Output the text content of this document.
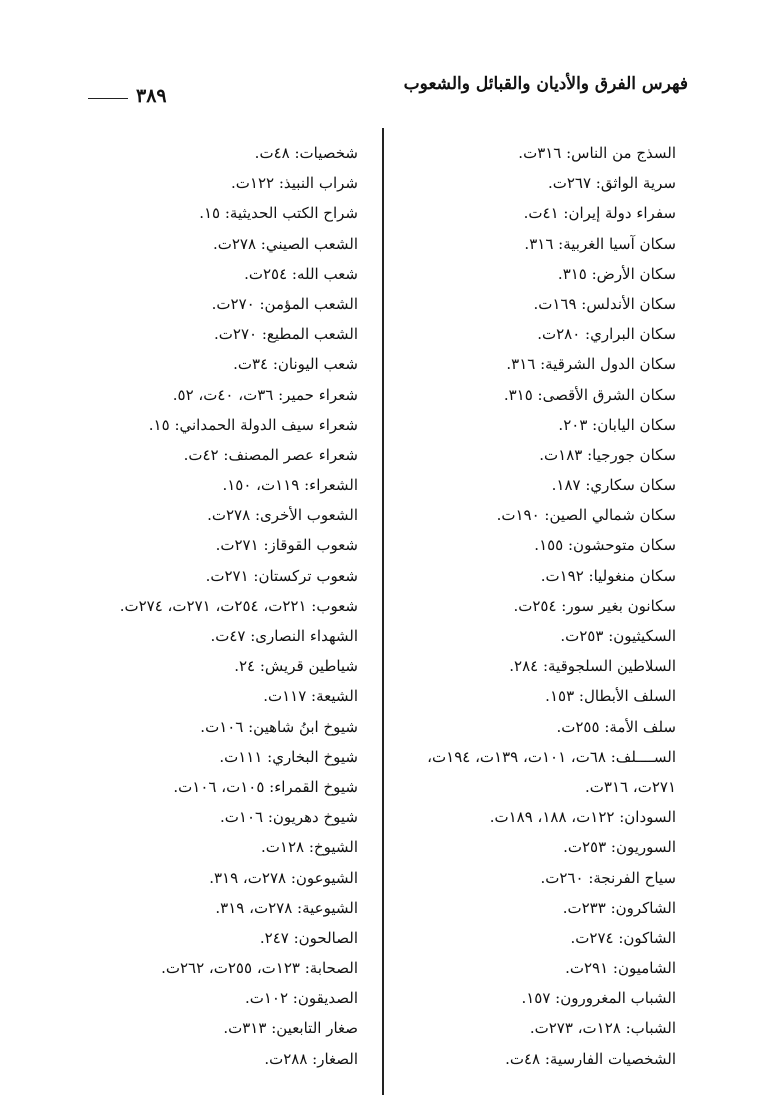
٣٨٩
فهرس الفرق والأديان والقبائل والشعوب
السذج من الناس: ٣١٦ت.
سرية الواثق: ٢٦٧ت.
سفراء دولة إيران: ٤١ت.
سكان آسيا الغربية: ٣١٦.
سكان الأرض: ٣١٥.
سكان الأندلس: ١٦٩ت.
سكان البراري: ٢٨٠ت.
سكان الدول الشرقية: ٣١٦.
سكان الشرق الأقصى: ٣١٥.
سكان اليابان: ٢٠٣.
سكان جورجيا: ١٨٣ت.
سكان سكاري: ١٨٧.
سكان شمالي الصين: ١٩٠ت.
سكان متوحشون: ١٥٥.
سكان منغوليا: ١٩٢ت.
سكانون بغير سور: ٢٥٤ت.
السكيثيون: ٢٥٣ت.
السلاطين السلجوقية: ٢٨٤.
السلف الأبطال: ١٥٣.
سلف الأمة: ٢٥٥ت.
الســــلف: ٦٨ت، ١٠١ت، ١٣٩ت، ١٩٤ت،
٢٧١ت، ٣١٦ت.
السودان: ١٢٢ت، ١٨٨، ١٨٩ت.
السوريون: ٢٥٣ت.
سياح الفرنجة: ٢٦٠ت.
الشاكرون: ٢٣٣ت.
الشاكون: ٢٧٤ت.
الشاميون: ٢٩١ت.
الشباب المغرورون: ١٥٧.
الشباب: ١٢٨ت، ٢٧٣ت.
الشخصيات الفارسية: ٤٨ت.
شخصيات: ٤٨ت.
شراب النبيذ: ١٢٢ت.
شراح الكتب الحديثية: ١٥.
الشعب الصيني: ٢٧٨ت.
شعب الله: ٢٥٤ت.
الشعب المؤمن: ٢٧٠ت.
الشعب المطيع: ٢٧٠ت.
شعب اليونان: ٣٤ت.
شعراء حمير: ٣٦ت، ٤٠ت، ٥٢.
شعراء سيف الدولة الحمداني: ١٥.
شعراء عصر المصنف: ٤٢ت.
الشعراء: ١١٩ت، ١٥٠.
الشعوب الأخرى: ٢٧٨ت.
شعوب القوقاز: ٢٧١ت.
شعوب تركستان: ٢٧١ت.
شعوب: ٢٢١ت، ٢٥٤ت، ٢٧١ت، ٢٧٤ت.
الشهداء النصارى: ٤٧ت.
شياطين قريش: ٢٤.
الشيعة: ١١٧ت.
شيوخ ابنُ شاهين: ١٠٦ت.
شيوخ البخاري: ١١١ت.
شيوخ القمراء: ١٠٥ت، ١٠٦ت.
شيوخ دهريون: ١٠٦ت.
الشيوخ: ١٢٨ت.
الشيوعون: ٢٧٨ت، ٣١٩.
الشيوعية: ٢٧٨ت، ٣١٩.
الصالحون: ٢٤٧.
الصحابة: ١٢٣ت، ٢٥٥ت، ٢٦٢ت.
الصديقون: ١٠٢ت.
صغار التابعين: ٣١٣ت.
الصغار: ٢٨٨ت.
